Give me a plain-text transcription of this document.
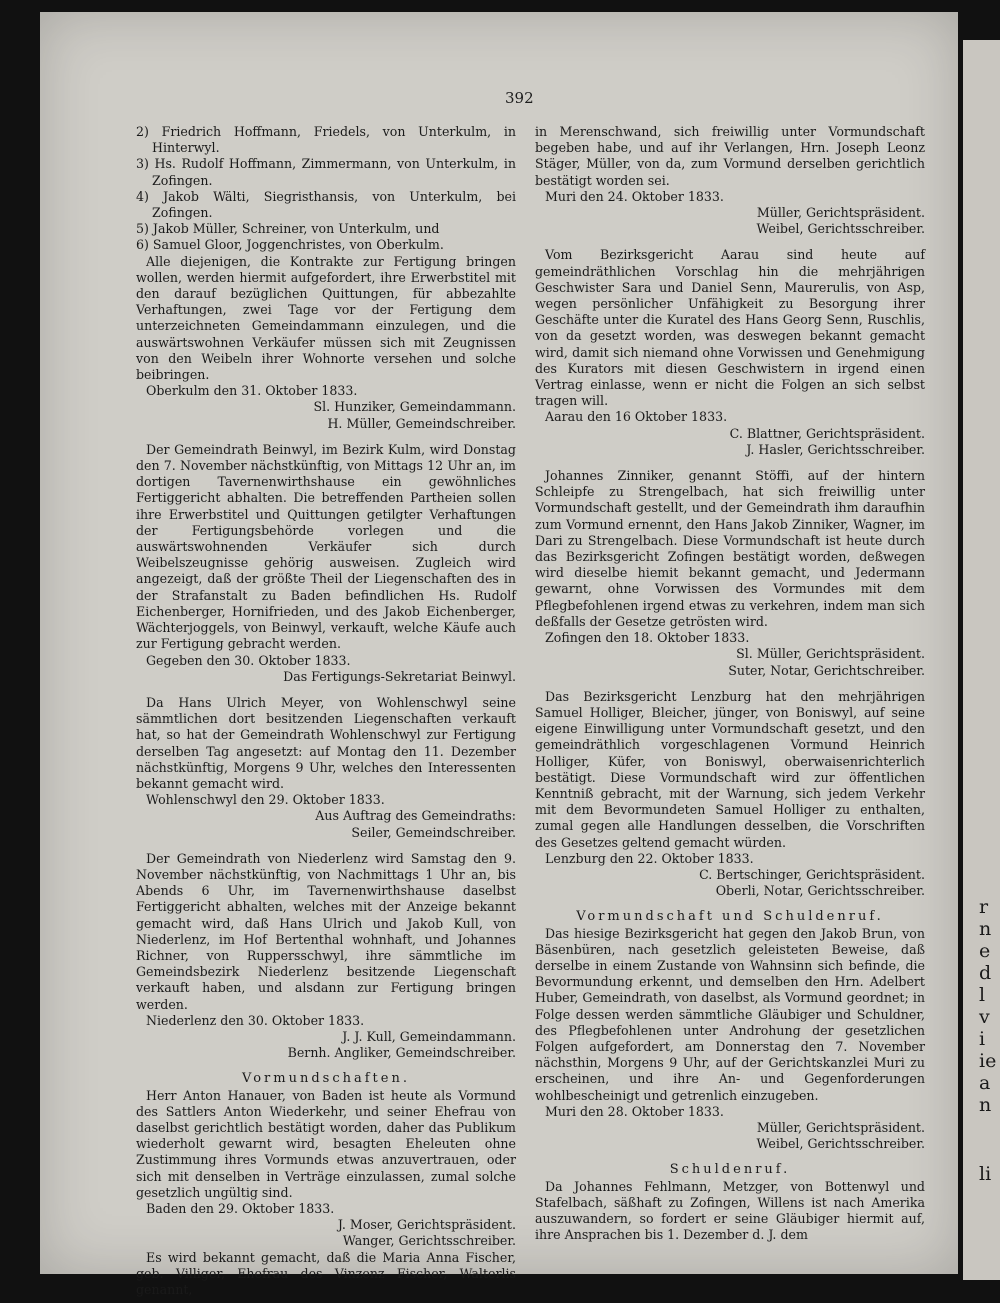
392

2) Friedrich Hoffmann, Friedels, von Unterkulm, in Hinterwyl.

3) Hs. Rudolf Hoffmann, Zimmermann, von Unterkulm, in Zofingen.

4) Jakob Wälti, Siegristhansis, von Unterkulm, bei Zofingen.

5) Jakob Müller, Schreiner, von Unterkulm, und

6) Samuel Gloor, Joggenchristes, von Oberkulm.

Alle diejenigen, die Kontrakte zur Fertigung bringen wollen, werden hiermit aufgefordert, ihre Erwerbstitel mit den darauf bezüglichen Quittungen, für abbezahlte Verhaftungen, zwei Tage vor der Fertigung dem unterzeichneten Gemeindammann einzulegen, und die auswärtswohnen Verkäufer müssen sich mit Zeugnissen von den Weibeln ihrer Wohnorte versehen und solche beibringen.

Oberkulm den 31. Oktober 1833.

Sl. Hunziker, Gemeindammann.

H. Müller, Gemeindschreiber.

Der Gemeindrath Beinwyl, im Bezirk Kulm, wird Donstag den 7. November nächstkünftig, von Mittags 12 Uhr an, im dortigen Tavernenwirthshause ein gewöhnliches Fertiggericht abhalten. Die betreffenden Partheien sollen ihre Erwerbstitel und Quittungen getilgter Verhaftungen der Fertigungsbehörde vorlegen und die auswärtswohnenden Verkäufer sich durch Weibelszeugnisse gehörig ausweisen. Zugleich wird angezeigt, daß der größte Theil der Liegenschaften des in der Strafanstalt zu Baden befindlichen Hs. Rudolf Eichenberger, Hornifrieden, und des Jakob Eichenberger, Wächterjoggels, von Beinwyl, verkauft, welche Käufe auch zur Fertigung gebracht werden.

Gegeben den 30. Oktober 1833.

Das Fertigungs-Sekretariat Beinwyl.

Da Hans Ulrich Meyer, von Wohlenschwyl seine sämmtlichen dort besitzenden Liegenschaften verkauft hat, so hat der Gemeindrath Wohlenschwyl zur Fertigung derselben Tag angesetzt: auf Montag den 11. Dezember nächstkünftig, Morgens 9 Uhr, welches den Interessenten bekannt gemacht wird.

Wohlenschwyl den 29. Oktober 1833.

Aus Auftrag des Gemeindraths:

Seiler, Gemeindschreiber.

Der Gemeindrath von Niederlenz wird Samstag den 9. November nächstkünftig, von Nachmittags 1 Uhr an, bis Abends 6 Uhr, im Tavernenwirthshause daselbst Fertiggericht abhalten, welches mit der Anzeige bekannt gemacht wird, daß Hans Ulrich und Jakob Kull, von Niederlenz, im Hof Bertenthal wohnhaft, und Johannes Richner, von Ruppersschwyl, ihre sämmtliche im Gemeindsbezirk Niederlenz besitzende Liegenschaft verkauft haben, und alsdann zur Fertigung bringen werden.

Niederlenz den 30. Oktober 1833.

J. J. Kull, Gemeindammann.

Bernh. Angliker, Gemeindschreiber.

Vormundschaften.

Herr Anton Hanauer, von Baden ist heute als Vormund des Sattlers Anton Wiederkehr, und seiner Ehefrau von daselbst gerichtlich bestätigt worden, daher das Publikum wiederholt gewarnt wird, besagten Eheleuten ohne Zustimmung ihres Vormunds etwas anzuvertrauen, oder sich mit denselben in Verträge einzulassen, zumal solche gesetzlich ungültig sind.

Baden den 29. Oktober 1833.

J. Moser, Gerichtspräsident.

Wanger, Gerichtsschreiber.

Es wird bekannt gemacht, daß die Maria Anna Fischer, geb. Villiger, Ehefrau des Vinzenz Fischer, Walterlis genannt,

in Merenschwand, sich freiwillig unter Vormundschaft begeben habe, und auf ihr Verlangen, Hrn. Joseph Leonz Stäger, Müller, von da, zum Vormund derselben gerichtlich bestätigt worden sei.

Muri den 24. Oktober 1833.

Müller, Gerichtspräsident.

Weibel, Gerichtsschreiber.

Vom Bezirksgericht Aarau sind heute auf gemeindräthlichen Vorschlag hin die mehrjährigen Geschwister Sara und Daniel Senn, Maurerulis, von Asp, wegen persönlicher Unfähigkeit zu Besorgung ihrer Geschäfte unter die Kuratel des Hans Georg Senn, Ruschlis, von da gesetzt worden, was deswegen bekannt gemacht wird, damit sich niemand ohne Vorwissen und Genehmigung des Kurators mit diesen Geschwistern in irgend einen Vertrag einlasse, wenn er nicht die Folgen an sich selbst tragen will.

Aarau den 16 Oktober 1833.

C. Blattner, Gerichtspräsident.

J. Hasler, Gerichtsschreiber.

Johannes Zinniker, genannt Stöffi, auf der hintern Schleipfe zu Strengelbach, hat sich freiwillig unter Vormundschaft gestellt, und der Gemeindrath ihm daraufhin zum Vormund ernennt, den Hans Jakob Zinniker, Wagner, im Dari zu Strengelbach. Diese Vormundschaft ist heute durch das Bezirksgericht Zofingen bestätigt worden, deßwegen wird dieselbe hiemit bekannt gemacht, und Jedermann gewarnt, ohne Vorwissen des Vormundes mit dem Pflegbefohlenen irgend etwas zu verkehren, indem man sich deßfalls der Gesetze getrösten wird.

Zofingen den 18. Oktober 1833.

Sl. Müller, Gerichtspräsident.

Suter, Notar, Gerichtschreiber.

Das Bezirksgericht Lenzburg hat den mehrjährigen Samuel Holliger, Bleicher, jünger, von Boniswyl, auf seine eigene Einwilligung unter Vormundschaft gesetzt, und den gemeindräthlich vorgeschlagenen Vormund Heinrich Holliger, Küfer, von Boniswyl, oberwaisenrichterlich bestätigt. Diese Vormundschaft wird zur öffentlichen Kenntniß gebracht, mit der Warnung, sich jedem Verkehr mit dem Bevormundeten Samuel Holliger zu enthalten, zumal gegen alle Handlungen desselben, die Vorschriften des Gesetzes geltend gemacht würden.

Lenzburg den 22. Oktober 1833.

C. Bertschinger, Gerichtspräsident.

Oberli, Notar, Gerichtsschreiber.

Vormundschaft und Schuldenruf.

Das hiesige Bezirksgericht hat gegen den Jakob Brun, von Bäsenbüren, nach gesetzlich geleisteten Beweise, daß derselbe in einem Zustande von Wahnsinn sich befinde, die Bevormundung erkennt, und demselben den Hrn. Adelbert Huber, Gemeindrath, von daselbst, als Vormund geordnet; in Folge dessen werden sämmtliche Gläubiger und Schuldner, des Pflegbefohlenen unter Androhung der gesetzlichen Folgen aufgefordert, am Donnerstag den 7. November nächsthin, Morgens 9 Uhr, auf der Gerichtskanzlei Muri zu erscheinen, und ihre An- und Gegenforderungen wohlbescheinigt und getrenlich einzugeben.

Muri den 28. Oktober 1833.

Müller, Gerichtspräsident.

Weibel, Gerichtsschreiber.

Schuldenruf.

Da Johannes Fehlmann, Metzger, von Bottenwyl und Stafelbach, säßhaft zu Zofingen, Willens ist nach Amerika auszuwandern, so fordert er seine Gläubiger hiermit auf, ihre Ansprachen bis 1. Dezember d. J. dem

r
n
e
d
l
v
i
ie
a
n
li
